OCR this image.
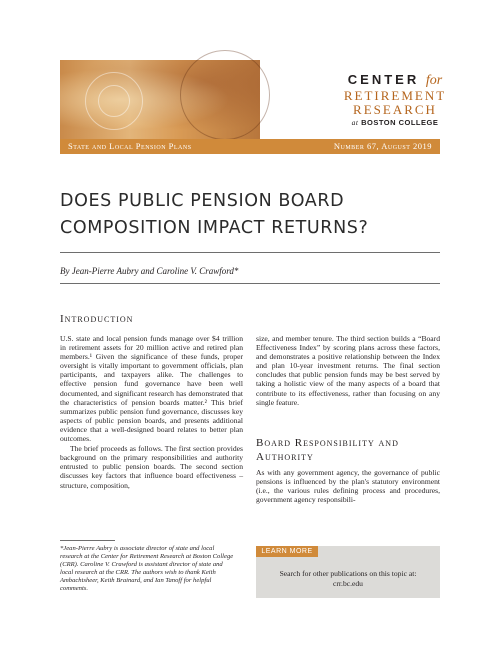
CENTER for
RETIREMENT
RESEARCH
at BOSTON COLLEGE
State and Local Pension Plans	Number 67, August 2019
DOES PUBLIC PENSION BOARD
COMPOSITION IMPACT RETURNS?
By Jean-Pierre Aubry and Caroline V. Crawford*
Introduction

U.S. state and local pension funds manage over $4 trillion in retirement assets for 20 million active and retired plan members.¹ Given the significance of these funds, proper oversight is vitally important to government officials, plan participants, and taxpayers alike. The challenges to effective pension fund governance have been well documented, and significant research has demonstrated that the characteristics of pension boards matter.² This brief summarizes public pension fund governance, discusses key aspects of public pension boards, and presents additional evidence that a well-designed board relates to better plan outcomes.

The brief proceeds as follows. The first section provides background on the primary responsibilities and authority entrusted to public pension boards. The second section discusses key factors that influence board effectiveness – structure, composition,

size, and member tenure. The third section builds a “Board Effectiveness Index” by scoring plans across these factors, and demonstrates a positive relationship between the Index and plan 10-year investment returns. The final section concludes that public pension funds may be best served by taking a holistic view of the many aspects of a board that contribute to its effectiveness, rather than focusing on any single feature.

Board Responsibility and
Authority

As with any government agency, the governance of public pensions is influenced by the plan's statutory environment (i.e., the various rules defining process and procedures, government agency responsibili-

*Jean-Pierre Aubry is associate director of state and local research at the Center for Retirement Research at Boston College (CRR). Caroline V. Crawford is assistant director of state and local research at the CRR. The authors wish to thank Keith Ambachtsheer, Keith Brainard, and Ian Tanoff for helpful comments.
LEARN MORE
Search for other publications on this topic at:
crr.bc.edu
